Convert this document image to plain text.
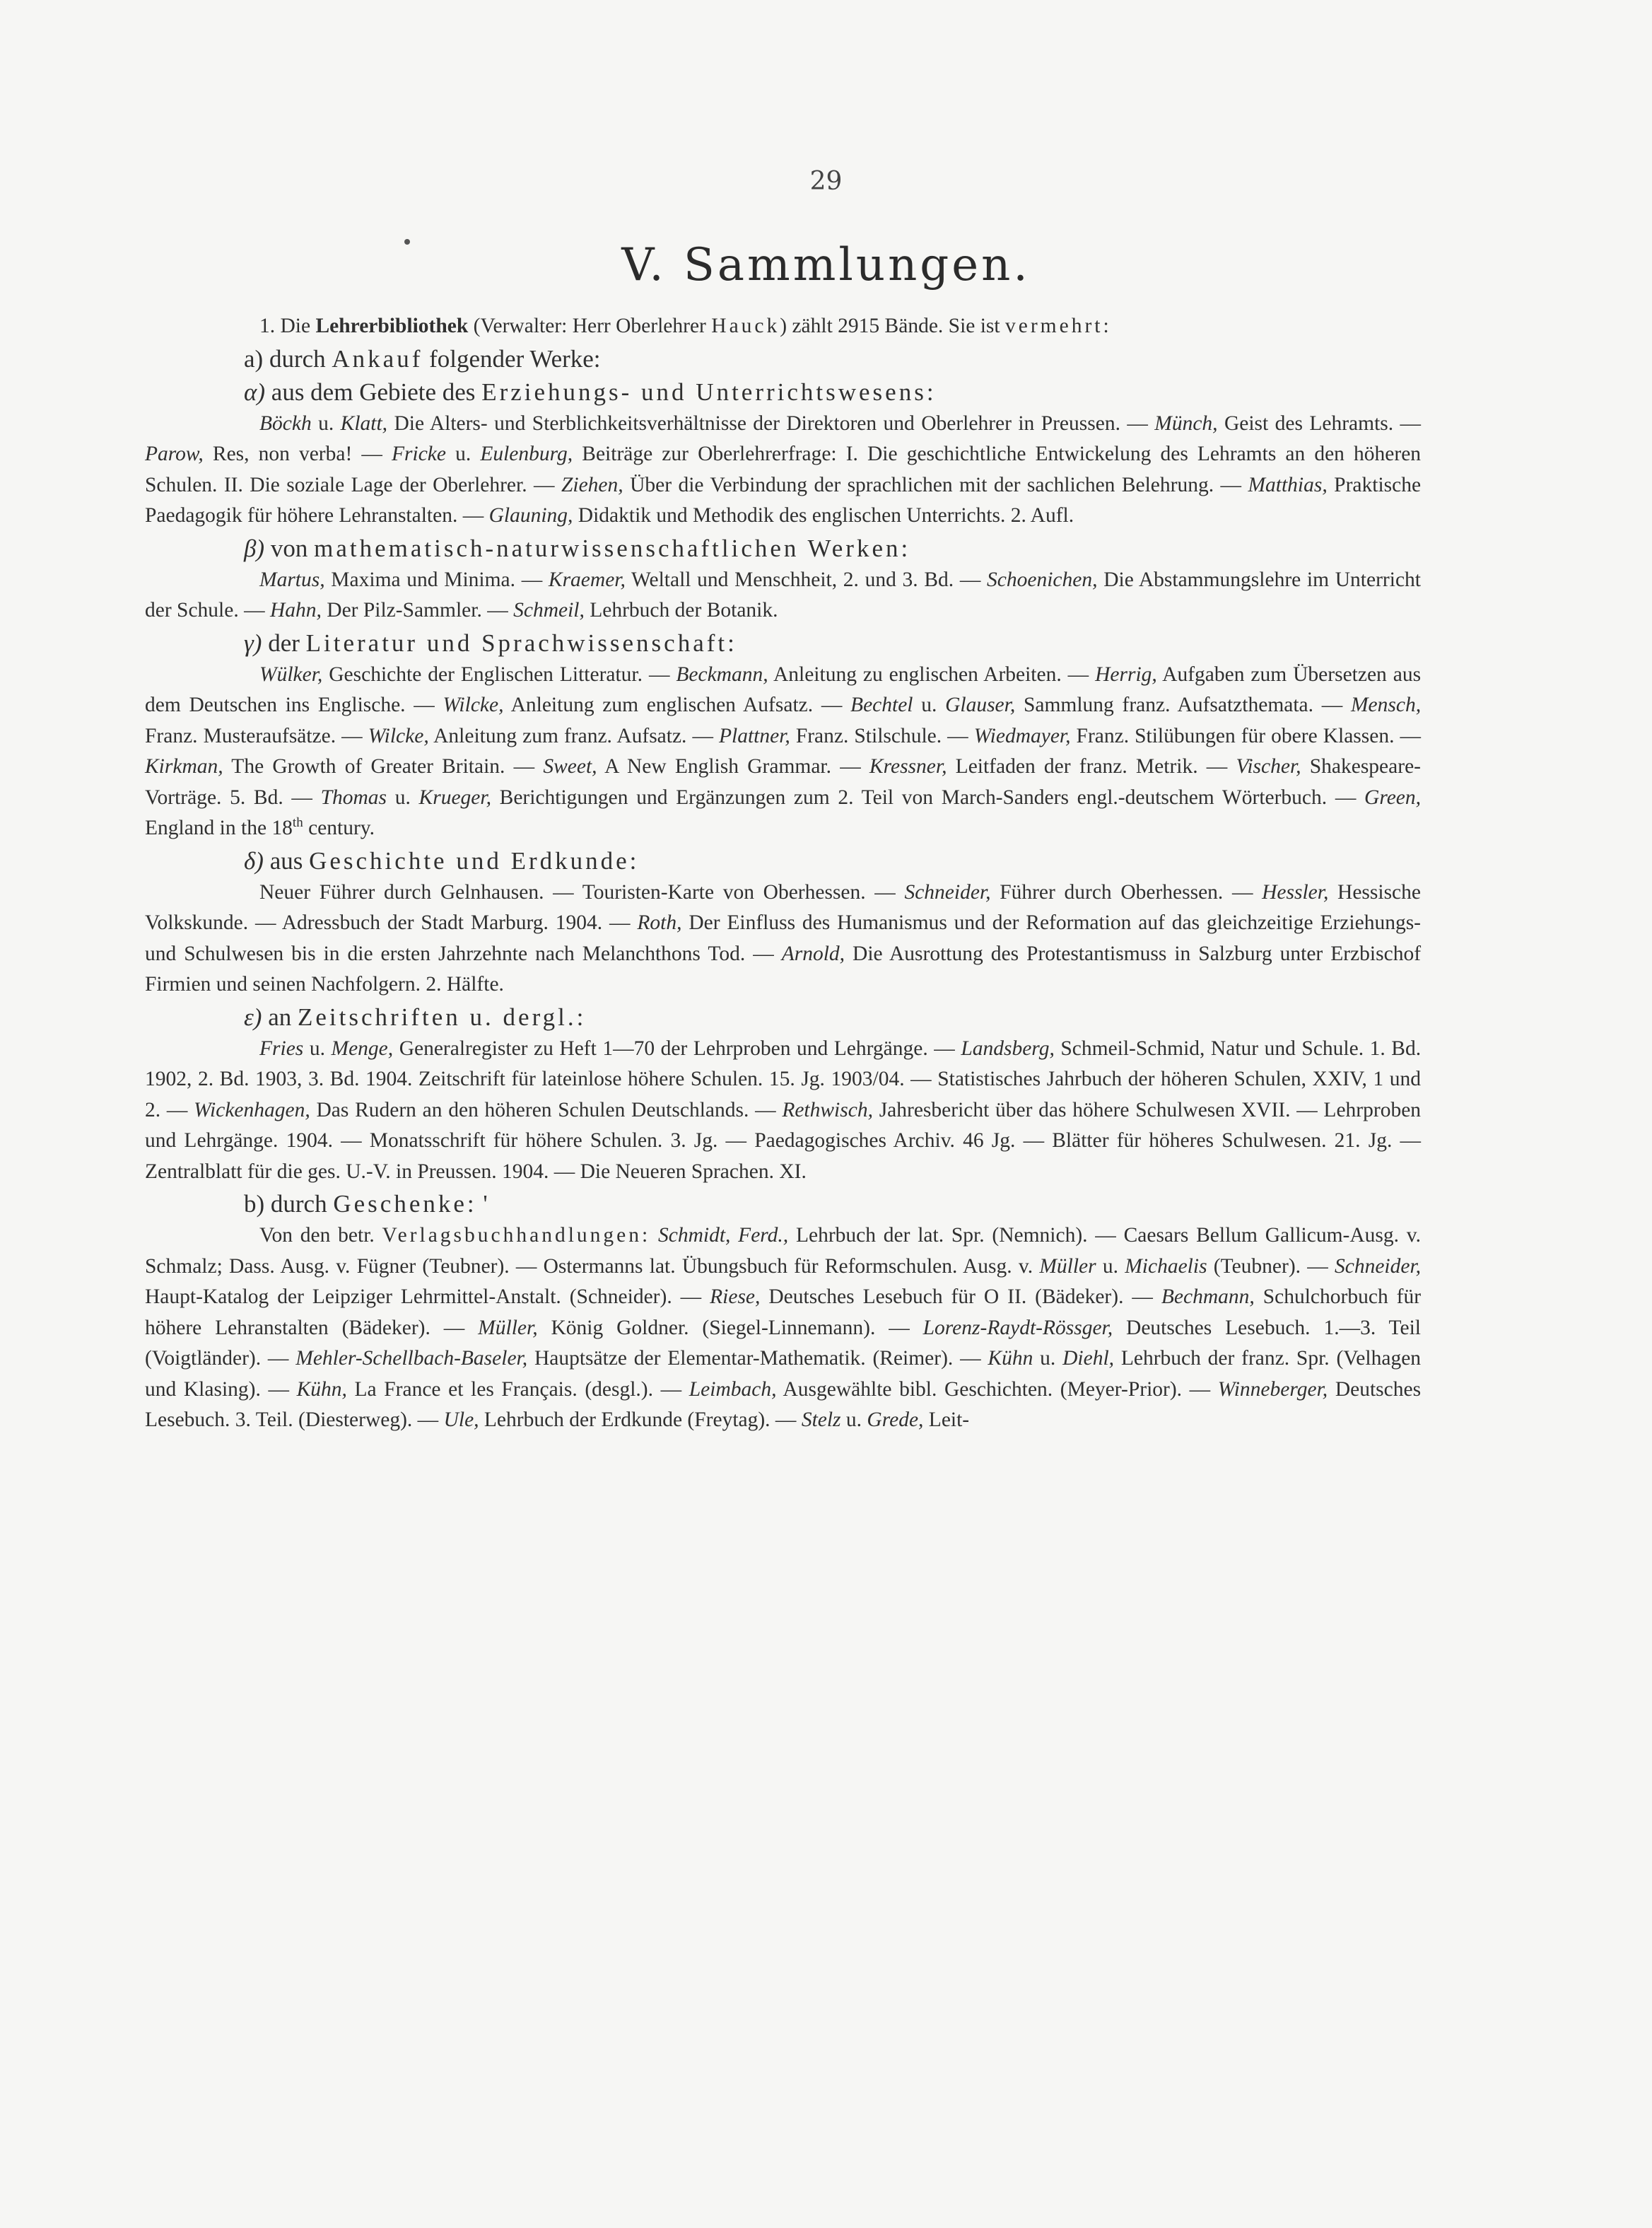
29
V. Sammlungen.

1. Die Lehrerbibliothek (Verwalter: Herr Oberlehrer Hauck) zählt 2915 Bände. Sie ist vermehrt:

a) durch Ankauf folgender Werke:

α) aus dem Gebiete des Erziehungs- und Unterrichtswesens:

Böckh u. Klatt, Die Alters- und Sterblichkeitsverhältnisse der Direktoren und Oberlehrer in Preussen. — Münch, Geist des Lehramts. — Parow, Res, non verba! — Fricke u. Eulenburg, Beiträge zur Oberlehrerfrage: I. Die geschichtliche Entwickelung des Lehramts an den höheren Schulen. II. Die soziale Lage der Oberlehrer. — Ziehen, Über die Verbindung der sprachlichen mit der sachlichen Belehrung. — Matthias, Praktische Paedagogik für höhere Lehranstalten. — Glauning, Didaktik und Methodik des englischen Unterrichts. 2. Aufl.

β) von mathematisch-naturwissenschaftlichen Werken:

Martus, Maxima und Minima. — Kraemer, Weltall und Menschheit, 2. und 3. Bd. — Schoenichen, Die Abstammungslehre im Unterricht der Schule. — Hahn, Der Pilz-Sammler. — Schmeil, Lehrbuch der Botanik.

γ) der Literatur und Sprachwissenschaft:

Wülker, Geschichte der Englischen Litteratur. — Beckmann, Anleitung zu englischen Arbeiten. — Herrig, Aufgaben zum Übersetzen aus dem Deutschen ins Englische. — Wilcke, Anleitung zum englischen Aufsatz. — Bechtel u. Glauser, Sammlung franz. Aufsatzthemata. — Mensch, Franz. Musteraufsätze. — Wilcke, Anleitung zum franz. Aufsatz. — Plattner, Franz. Stilschule. — Wiedmayer, Franz. Stilübungen für obere Klassen. — Kirkman, The Growth of Greater Britain. — Sweet, A New English Grammar. — Kressner, Leitfaden der franz. Metrik. — Vischer, Shakespeare-Vorträge. 5. Bd. — Thomas u. Krueger, Berichtigungen und Ergänzungen zum 2. Teil von March-Sanders engl.-deutschem Wörterbuch. — Green, England in the 18th century.

δ) aus Geschichte und Erdkunde:

Neuer Führer durch Gelnhausen. — Touristen-Karte von Oberhessen. — Schneider, Führer durch Oberhessen. — Hessler, Hessische Volkskunde. — Adressbuch der Stadt Marburg. 1904. — Roth, Der Einfluss des Humanismus und der Reformation auf das gleichzeitige Erziehungs- und Schulwesen bis in die ersten Jahrzehnte nach Melanchthons Tod. — Arnold, Die Ausrottung des Protestantismuss in Salzburg unter Erzbischof Firmien und seinen Nachfolgern. 2. Hälfte.

ε) an Zeitschriften u. dergl.:

Fries u. Menge, Generalregister zu Heft 1—70 der Lehrproben und Lehrgänge. — Landsberg, Schmeil-Schmid, Natur und Schule. 1. Bd. 1902, 2. Bd. 1903, 3. Bd. 1904. Zeitschrift für lateinlose höhere Schulen. 15. Jg. 1903/04. — Statistisches Jahrbuch der höheren Schulen, XXIV, 1 und 2. — Wickenhagen, Das Rudern an den höheren Schulen Deutschlands. — Rethwisch, Jahresbericht über das höhere Schulwesen XVII. — Lehrproben und Lehrgänge. 1904. — Monatsschrift für höhere Schulen. 3. Jg. — Paedagogisches Archiv. 46 Jg. — Blätter für höheres Schulwesen. 21. Jg. — Zentralblatt für die ges. U.-V. in Preussen. 1904. — Die Neueren Sprachen. XI.

b) durch Geschenke: '

Von den betr. Verlagsbuchhandlungen: Schmidt, Ferd., Lehrbuch der lat. Spr. (Nemnich). — Caesars Bellum Gallicum-Ausg. v. Schmalz; Dass. Ausg. v. Fügner (Teubner). — Ostermanns lat. Übungsbuch für Reformschulen. Ausg. v. Müller u. Michaelis (Teubner). — Schneider, Haupt-Katalog der Leipziger Lehrmittel-Anstalt. (Schneider). — Riese, Deutsches Lesebuch für O II. (Bädeker). — Bechmann, Schulchorbuch für höhere Lehranstalten (Bädeker). — Müller, König Goldner. (Siegel-Linnemann). — Lorenz-Raydt-Rössger, Deutsches Lesebuch. 1.—3. Teil (Voigtländer). — Mehler-Schellbach-Baseler, Hauptsätze der Elementar-Mathematik. (Reimer). — Kühn u. Diehl, Lehrbuch der franz. Spr. (Velhagen und Klasing). — Kühn, La France et les Français. (desgl.). — Leimbach, Ausgewählte bibl. Geschichten. (Meyer-Prior). — Winneberger, Deutsches Lesebuch. 3. Teil. (Diesterweg). — Ule, Lehrbuch der Erdkunde (Freytag). — Stelz u. Grede, Leit-
